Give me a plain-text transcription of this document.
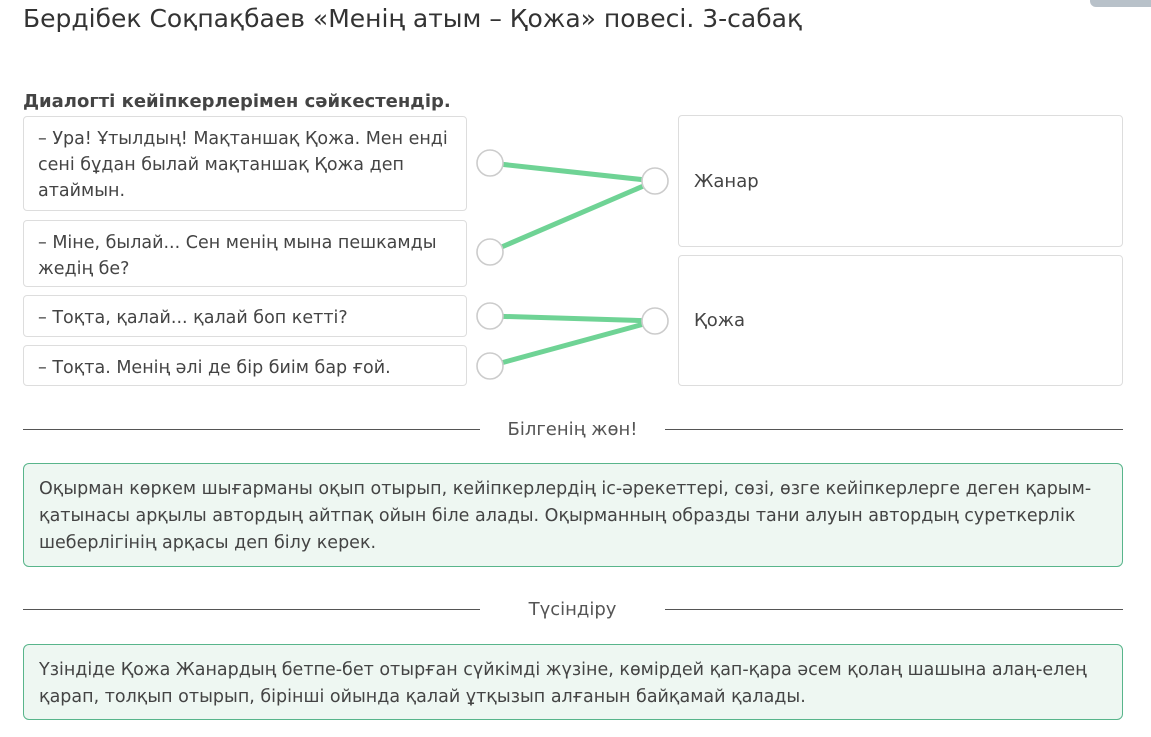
Бердібек Соқпақбаев «Менің атым – Қожа» повесі. 3-сабақ
Диалогті кейіпкерлерімен сәйкестендір.
– Ура! Ұтылдың! Мақтаншақ Қожа. Мен енді сені бұдан былай мақтаншақ Қожа деп атаймын.
– Міне, былай... Сен менің мына пешкамды жедің бе?
– Тоқта, қалай... қалай боп кетті?
– Тоқта. Менің әлі де бір биім бар ғой.
Жанар
Қожа
Білгенің жөн!
Оқырман көркем шығарманы оқып отырып, кейіпкерлердің іс-әрекеттері, сөзі, өзге кейіпкерлерге деген қарым-қатынасы арқылы автордың айтпақ ойын біле алады. Оқырманның образды тани алуын автордың суреткерлік шеберлігінің арқасы деп білу керек.
Түсіндіру
Үзіндіде Қожа Жанардың бетпе-бет отырған сүйкімді жүзіне, көмірдей қап-қара әсем қолаң шашына алаң-елең қарап, толқып отырып, бірінші ойында қалай ұтқызып алғанын байқамай қалады.
